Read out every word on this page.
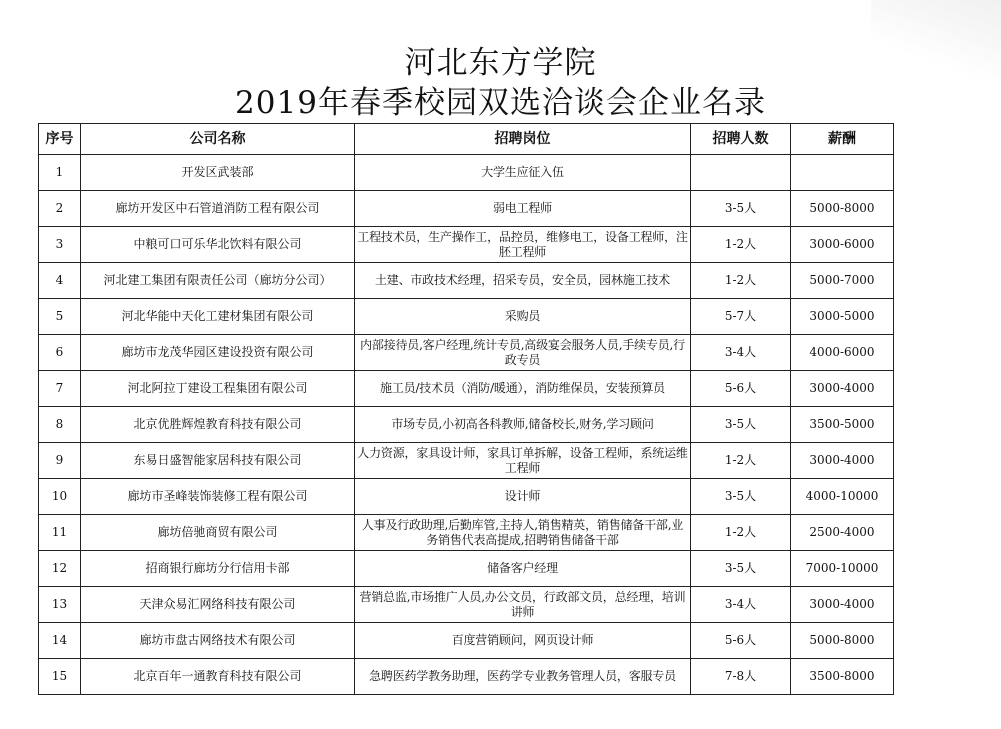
河北东方学院
2019年春季校园双选洽谈会企业名录
序号	公司名称	招聘岗位	招聘人数	薪酬
1	开发区武装部	大学生应征入伍		
2	廊坊开发区中石管道消防工程有限公司	弱电工程师	3-5人	5000-8000
3	中粮可口可乐华北饮料有限公司	工程技术员，生产操作工，品控员，维修电工，设备工程师，注胚工程师	1-2人	3000-6000
4	河北建工集团有限责任公司（廊坊分公司）	土建、市政技术经理，招采专员，安全员，园林施工技术	1-2人	5000-7000
5	河北华能中天化工建材集团有限公司	采购员	5-7人	3000-5000
6	廊坊市龙茂华园区建设投资有限公司	内部接待员,客户经理,统计专员,高级宴会服务人员,手续专员,行政专员	3-4人	4000-6000
7	河北阿拉丁建设工程集团有限公司	施工员/技术员（消防/暖通），消防维保员，安装预算员	5-6人	3000-4000
8	北京优胜辉煌教育科技有限公司	市场专员,小初高各科教师,储备校长,财务,学习顾问	3-5人	3500-5000
9	东易日盛智能家居科技有限公司	人力资源，家具设计师，家具订单拆解，设备工程师，系统运维工程师	1-2人	3000-4000
10	廊坊市圣峰装饰装修工程有限公司	设计师	3-5人	4000-10000
11	廊坊倍驰商贸有限公司	人事及行政助理,后勤库管,主持人,销售精英，销售储备干部,业务销售代表高提成,招聘销售储备干部	1-2人	2500-4000
12	招商银行廊坊分行信用卡部	储备客户经理	3-5人	7000-10000
13	天津众易汇网络科技有限公司	营销总监,市场推广人员,办公文员，行政部文员，总经理，培训讲师	3-4人	3000-4000
14	廊坊市盘古网络技术有限公司	百度营销顾问，网页设计师	5-6人	5000-8000
15	北京百年一通教育科技有限公司	急聘医药学教务助理，医药学专业教务管理人员，客服专员	7-8人	3500-8000
